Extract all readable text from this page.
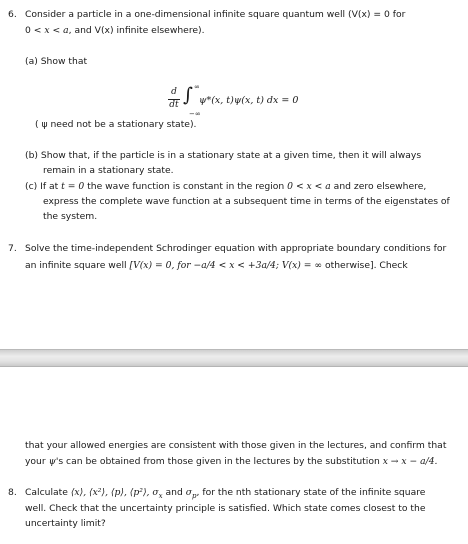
6. Consider a particle in a one-dimensional infinite square quantum well (V(x) = 0 for
0 < x < a, and V(x) infinite elsewhere).
(a) Show that
d
dt ∫ ∞
−∞
ψ*(x, t)ψ(x, t) dx = 0
( ψ need not be a stationary state).
(b) Show that, if the particle is in a stationary state at a given time, then it will always
remain in a stationary state.
(c) If at t = 0 the wave function is constant in the region 0 < x < a and zero elsewhere,
express the complete wave function at a subsequent time in terms of the eigenstates of
the system.
7. Solve the time-independent Schrodinger equation with appropriate boundary conditions for
an infinite square well [V(x) = 0, for −a/4 < x < +3a/4; V(x) = ∞ otherwise]. Check
that your allowed energies are consistent with those given in the lectures, and confirm that
your ψ's can be obtained from those given in the lectures by the substitution x → x − a/4.
8. Calculate ⟨x⟩, ⟨x²⟩, ⟨p⟩, ⟨p²⟩, $\sigma_x$ and $\sigma_p$, for the nth stationary state of the infinite square
well. Check that the uncertainty principle is satisfied. Which state comes closest to the
uncertainty limit?
